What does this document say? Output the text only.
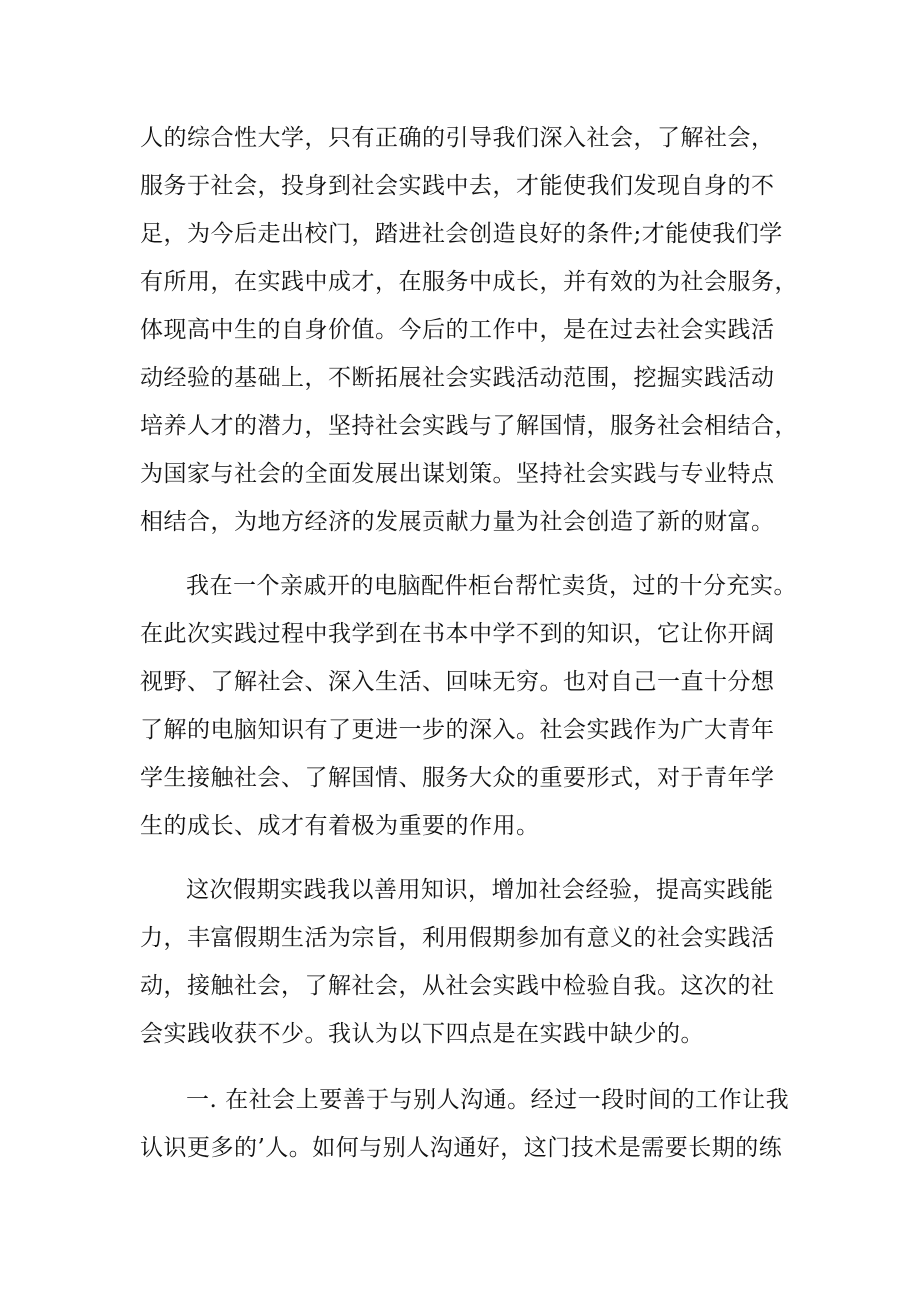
人的综合性大学，只有正确的引导我们深入社会，了解社会，
服务于社会，投身到社会实践中去，才能使我们发现自身的不
足，为今后走出校门，踏进社会创造良好的条件;才能使我们学
有所用，在实践中成才，在服务中成长，并有效的为社会服务，
体现高中生的自身价值。今后的工作中，是在过去社会实践活
动经验的基础上，不断拓展社会实践活动范围，挖掘实践活动
培养人才的潜力，坚持社会实践与了解国情，服务社会相结合，
为国家与社会的全面发展出谋划策。坚持社会实践与专业特点
相结合，为地方经济的发展贡献力量为社会创造了新的财富。
我在一个亲戚开的电脑配件柜台帮忙卖货，过的十分充实。
在此次实践过程中我学到在书本中学不到的知识，它让你开阔
视野、了解社会、深入生活、回味无穷。也对自己一直十分想
了解的电脑知识有了更进一步的深入。社会实践作为广大青年
学生接触社会、了解国情、服务大众的重要形式，对于青年学
生的成长、成才有着极为重要的作用。
这次假期实践我以善用知识，增加社会经验，提高实践能
力，丰富假期生活为宗旨，利用假期参加有意义的社会实践活
动，接触社会，了解社会，从社会实践中检验自我。这次的社
会实践收获不少。我认为以下四点是在实践中缺少的。
一. 在社会上要善于与别人沟通。经过一段时间的工作让我
认识更多的’人。如何与别人沟通好，这门技术是需要长期的练
